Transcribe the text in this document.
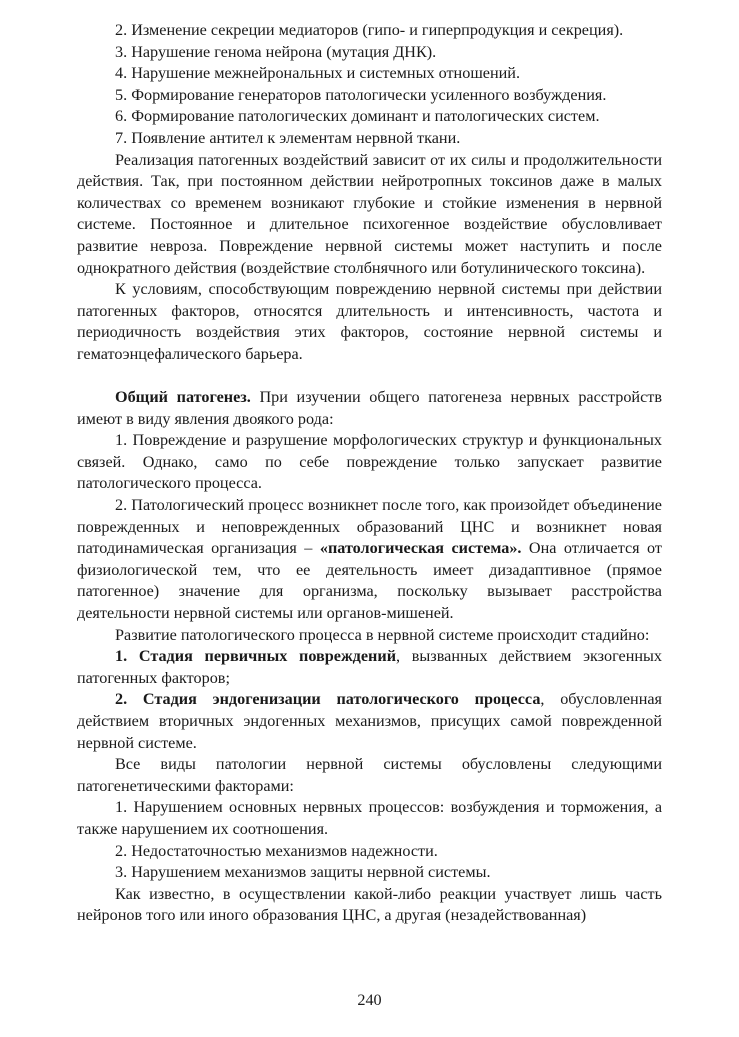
2. Изменение секреции медиаторов (гипо- и гиперпродукция и секреция).

3. Нарушение генома нейрона (мутация ДНК).

4. Нарушение межнейрональных и системных отношений.

5. Формирование генераторов патологически усиленного возбуждения.

6. Формирование патологических доминант и патологических систем.

7. Появление антител к элементам нервной ткани.

Реализация патогенных воздействий зависит от их силы и продолжительности действия. Так, при постоянном действии нейротропных токсинов даже в малых количествах со временем возникают глубокие и стойкие изменения в нервной системе. Постоянное и длительное психогенное воздействие обусловливает развитие невроза. Повреждение нервной системы может наступить и после однократного действия (воздействие столбнячного или ботулинического токсина).

К условиям, способствующим повреждению нервной системы при действии патогенных факторов, относятся длительность и интенсивность, частота и периодичность воздействия этих факторов, состояние нервной системы и гематоэнцефалического барьера.

Общий патогенез. При изучении общего патогенеза нервных расстройств имеют в виду явления двоякого рода:

1. Повреждение и разрушение морфологических структур и функциональных связей. Однако, само по себе повреждение только запускает развитие патологического процесса.

2. Патологический процесс возникнет после того, как произойдет объединение поврежденных и неповрежденных образований ЦНС и возникнет новая патодинамическая организация – «патологическая система». Она отличается от физиологической тем, что ее деятельность имеет дизадаптивное (прямое патогенное) значение для организма, поскольку вызывает расстройства деятельности нервной системы или органов-мишеней.

Развитие патологического процесса в нервной системе происходит стадийно:

1. Стадия первичных повреждений, вызванных действием экзогенных патогенных факторов;

2. Стадия эндогенизации патологического процесса, обусловленная действием вторичных эндогенных механизмов, присущих самой поврежденной нервной системе.

Все виды патологии нервной системы обусловлены следующими патогенетическими факторами:

1. Нарушением основных нервных процессов: возбуждения и торможения, а также нарушением их соотношения.

2. Недостаточностью механизмов надежности.

3. Нарушением механизмов защиты нервной системы.

Как известно, в осуществлении какой-либо реакции участвует лишь часть нейронов того или иного образования ЦНС, а другая (незадействованная)

240
